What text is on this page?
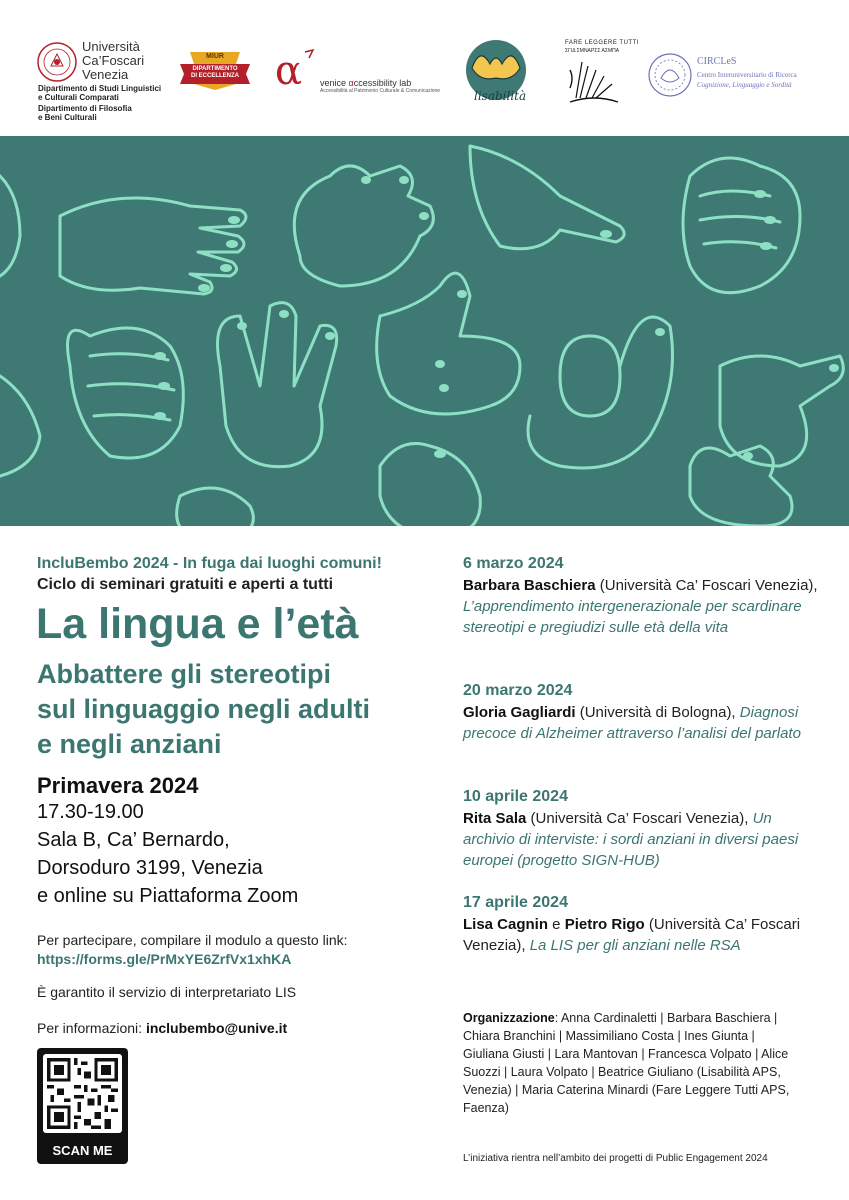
Università
Ca’Foscari
Venezia
Dipartimento di Studi Linguistici
e Culturali Comparati
Dipartimento di Filosofia
e Beni Culturali
MIUR
DIPARTIMENTO
DI ECCELLENZA α venice αccessibility lab
Accessibilità al Patrimonio Culturale & Comunicazione	lisabilità
FARE LEGGERE TUTTI
ΣΓΙΔ ΣΜΝΑΡΣΣ ΑΣΜΠΑ
CIRCLeS
Centro Interuniversitario di Ricerca
Cognizione, Linguaggio e Sordità
IncluBembo 2024 - In fuga dai luoghi comuni!
Ciclo di seminari gratuiti e aperti a tutti
La lingua e l’età
Abbattere gli stereotipi
sul linguaggio negli adulti
e negli anziani
Primavera 2024
17.30-19.00
Sala B, Ca’ Bernardo,
Dorsoduro 3199, Venezia
e online su Piattaforma Zoom
Per partecipare, compilare il modulo a questo link: https://forms.gle/PrMxYE6ZrfVx1xhKA
È garantito il servizio di interpretariato LIS
Per informazioni: inclubembo@unive.it
SCAN ME
6 marzo 2024
Barbara Baschiera (Università Ca’ Foscari Venezia), L’apprendimento intergenerazionale per scardinare stereotipi e pregiudizi sulle età della vita
20 marzo 2024
Gloria Gagliardi (Università di Bologna), Diagnosi precoce di Alzheimer attraverso l’analisi del parlato
10 aprile 2024
Rita Sala (Università Ca’ Foscari Venezia), Un archivio di interviste: i sordi anziani in diversi paesi europei (progetto SIGN-HUB)
17 aprile 2024
Lisa Cagnin e Pietro Rigo (Università Ca’ Foscari Venezia), La LIS per gli anziani nelle RSA
Organizzazione: Anna Cardinaletti | Barbara Baschiera | Chiara Branchini | Massimiliano Costa | Ines Giunta | Giuliana Giusti | Lara Mantovan | Francesca Volpato | Alice Suozzi | Laura Volpato | Beatrice Giuliano (Lisabilità APS, Venezia) | Maria Caterina Minardi (Fare Leggere Tutti APS, Faenza)
L’iniziativa rientra nell’ambito dei progetti di Public Engagement 2024
